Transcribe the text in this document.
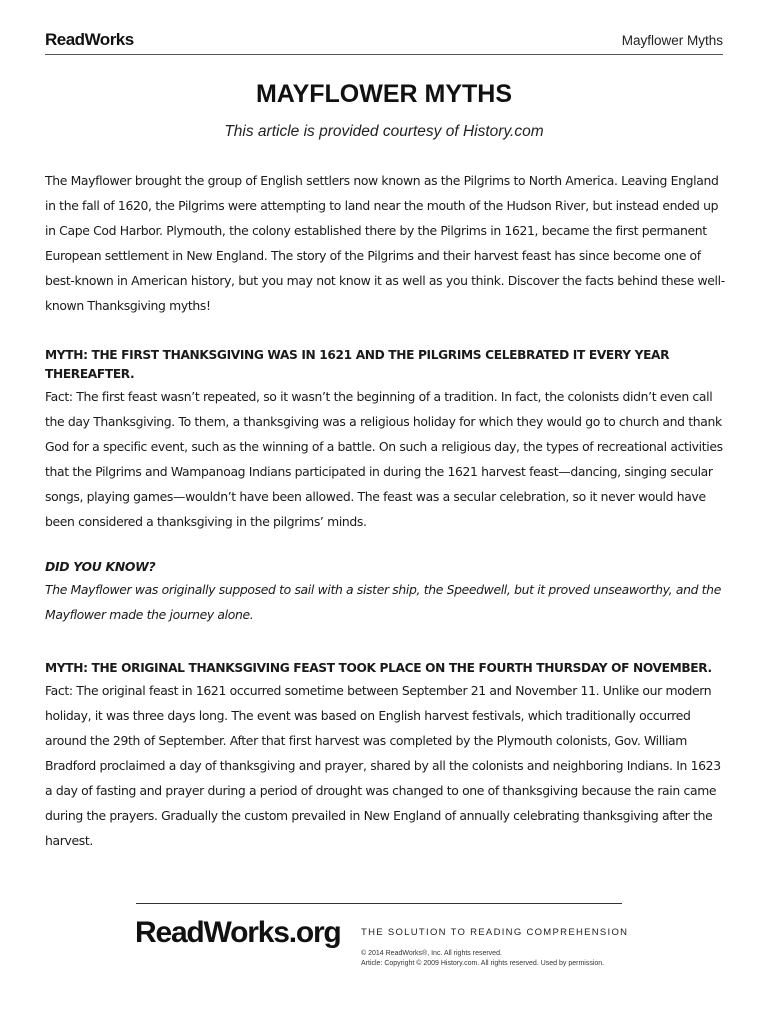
ReadWorks	Mayflower Myths
MAYFLOWER MYTHS
This article is provided courtesy of History.com

The Mayflower brought the group of English settlers now known as the Pilgrims to North America. Leaving England in the fall of 1620, the Pilgrims were attempting to land near the mouth of the Hudson River, but instead ended up in Cape Cod Harbor. Plymouth, the colony established there by the Pilgrims in 1621, became the first permanent European settlement in New England. The story of the Pilgrims and their harvest feast has since become one of best-known in American history, but you may not know it as well as you think. Discover the facts behind these well-known Thanksgiving myths!

MYTH: THE FIRST THANKSGIVING WAS IN 1621 AND THE PILGRIMS CELEBRATED IT EVERY YEAR THEREAFTER.

Fact: The first feast wasn’t repeated, so it wasn’t the beginning of a tradition. In fact, the colonists didn’t even call the day Thanksgiving. To them, a thanksgiving was a religious holiday for which they would go to church and thank God for a specific event, such as the winning of a battle. On such a religious day, the types of recreational activities that the Pilgrims and Wampanoag Indians participated in during the 1621 harvest feast—dancing, singing secular songs, playing games—wouldn’t have been allowed. The feast was a secular celebration, so it never would have been considered a thanksgiving in the pilgrims’ minds.

DID YOU KNOW?

The Mayflower was originally supposed to sail with a sister ship, the Speedwell, but it proved unseaworthy, and the Mayflower made the journey alone.

MYTH: THE ORIGINAL THANKSGIVING FEAST TOOK PLACE ON THE FOURTH THURSDAY OF NOVEMBER.

Fact: The original feast in 1621 occurred sometime between September 21 and November 11. Unlike our modern holiday, it was three days long. The event was based on English harvest festivals, which traditionally occurred around the 29th of September. After that first harvest was completed by the Plymouth colonists, Gov. William Bradford proclaimed a day of thanksgiving and prayer, shared by all the colonists and neighboring Indians. In 1623 a day of fasting and prayer during a period of drought was changed to one of thanksgiving because the rain came during the prayers. Gradually the custom prevailed in New England of annually celebrating thanksgiving after the harvest.

ReadWorks.org THE SOLUTION TO READING COMPREHENSION
© 2014 ReadWorks®, Inc. All rights reserved.
Article: Copyright © 2009 History.com. All rights reserved. Used by permission.
